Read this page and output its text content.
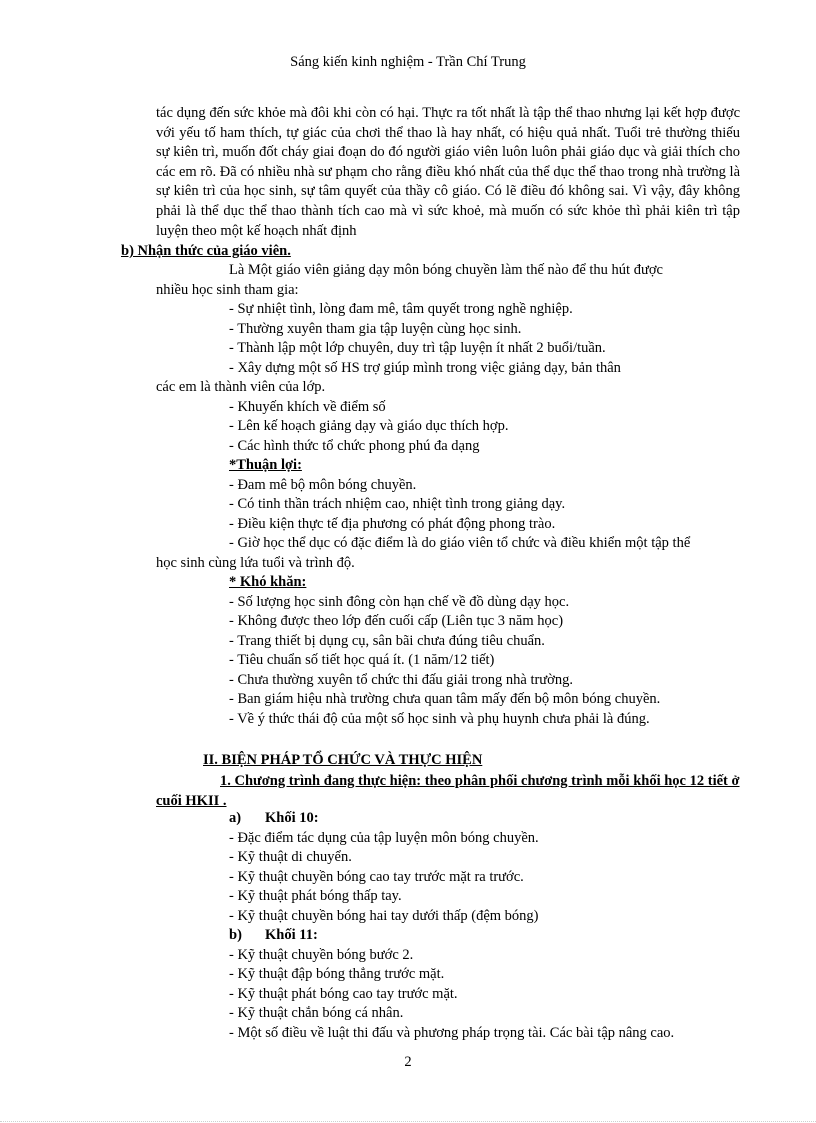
Sáng kiến kinh nghiệm - Trần Chí Trung
tác dụng đến sức khỏe mà đôi khi còn có hại. Thực ra tốt nhất là tập thể thao nhưng lại kết hợp được với yếu tố ham thích, tự giác của chơi thể thao là hay nhất, có hiệu quả nhất. Tuổi trẻ thường thiếu sự kiên trì, muốn đốt cháy giai đoạn do đó người giáo viên luôn luôn phải giáo dục và giải thích cho các em rõ. Đã có nhiều nhà sư phạm cho rằng điều khó nhất của thể dục thể thao trong nhà trường là sự kiên trì của học sinh, sự tâm quyết của thầy cô giáo. Có lẽ điều đó không sai. Vì vậy, đây không phải là thể dục thể thao thành tích cao mà vì sức khoẻ, mà muốn có sức khỏe thì phải kiên trì tập luyện theo một kế hoạch nhất định
b) Nhận thức của giáo viên.
Là Một giáo viên giảng dạy môn bóng chuyền làm thế nào để thu hút được
nhiều học sinh tham gia:
- Sự nhiệt tình, lòng đam mê, tâm quyết trong nghề nghiệp.
- Thường xuyên tham gia tập luyện cùng học sinh.
- Thành lập một lớp chuyên, duy trì tập luyện ít nhất 2 buổi/tuần.
- Xây dựng một số HS trợ giúp mình trong việc giảng dạy, bản thân
các em là thành viên của lớp.
- Khuyến khích về điểm số
- Lên kế hoạch giảng dạy và giáo dục thích hợp.
- Các hình thức tổ chức phong phú đa dạng
*Thuận lợi:
- Đam mê bộ môn bóng chuyền.
- Có tinh thần trách nhiệm cao, nhiệt tình trong giảng dạy.
- Điều kiện thực tế địa phương có phát động phong trào.
- Giờ học thể dục có đặc điểm là do giáo viên tổ chức và điều khiển một tập thể
học sinh cùng lứa tuổi và trình độ.
* Khó khăn:
- Số lượng học sinh đông còn hạn chế về đồ dùng dạy học.
- Không được theo lớp đến cuối cấp (Liên tục 3 năm học)
- Trang thiết bị dụng cụ, sân bãi chưa đúng tiêu chuẩn.
- Tiêu chuẩn số tiết học quá ít. (1 năm/12 tiết)
- Chưa thường xuyên tổ chức thi đấu giải trong nhà trường.
- Ban giám hiệu nhà trường chưa quan tâm mấy đến bộ môn bóng chuyền.
- Về ý thức thái độ của một số học sinh và phụ huynh chưa phải là đúng.
II. BIỆN PHÁP TỔ CHỨC VÀ THỰC HIỆN
1. Chương trình đang thực hiện: theo phân phối chương trình mỗi khối học 12 tiết ở cuối HKII .
a) Khối 10:
- Đặc điểm tác dụng của tập luyện môn bóng chuyền.
- Kỹ thuật di chuyển.
- Kỹ thuật chuyền bóng cao tay trước mặt ra trước.
- Kỹ thuật phát bóng thấp tay.
- Kỹ thuật chuyền bóng hai tay dưới thấp (đệm bóng)
b) Khối 11:
- Kỹ thuật chuyền bóng bước 2.
- Kỹ thuật đập bóng thẳng trước mặt.
- Kỹ thuật phát bóng cao tay trước mặt.
- Kỹ thuật chắn bóng cá nhân.
- Một số điều về luật thi đấu và phương pháp trọng tài. Các bài tập nâng cao.
2
